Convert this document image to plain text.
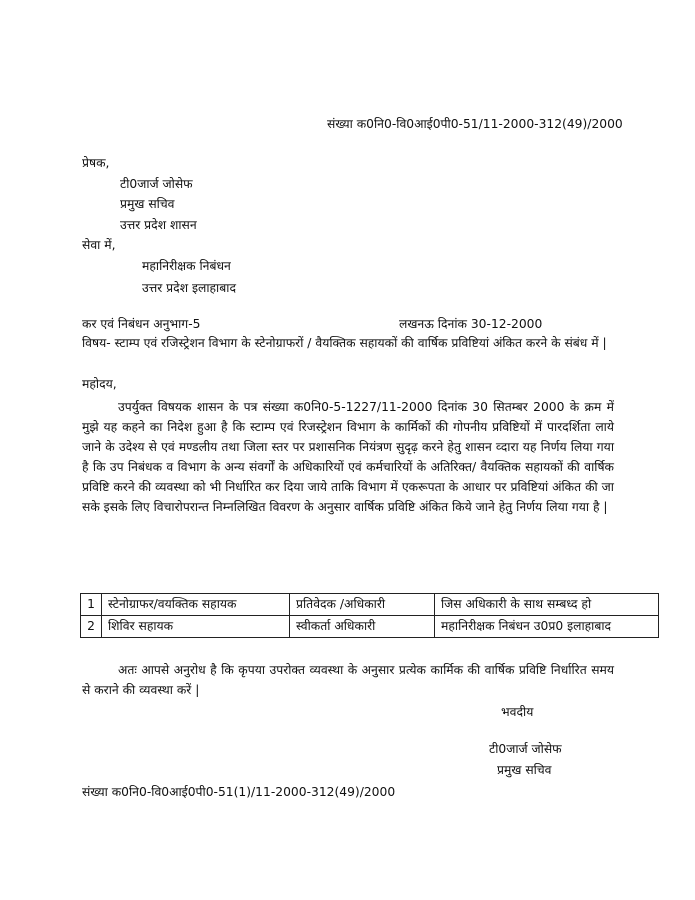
संख्या क0नि0-वि0आई0पी0-51/11-2000-312(49)/2000
प्रेषक,
टी0जार्ज जोसेफ
प्रमुख सचिव
उत्तर प्रदेश शासन
सेवा में,
महानिरीक्षक निबंधन
उत्तर प्रदेश इलाहाबाद
कर एवं निबंधन अनुभाग-5	लखनऊ दिनांक 30-12-2000
विषय- स्टाम्प एवं रजिस्ट्रेशन विभाग के स्टेनोग्राफरों / वैयक्तिक सहायकों की वार्षिक प्रविष्टियां अंकित करने के संबंध में |
महोदय,
उपर्युक्त विषयक शासन के पत्र संख्या क0नि0-5-1227/11-2000 दिनांक 30 सितम्बर 2000 के क्रम में मुझे यह कहने का निदेश हुआ है कि स्टाम्प एवं रिजस्ट्रेशन विभाग के कार्मिकों की गोपनीय प्रविष्टियों में पारदर्शिता लाये जाने के उदेश्य से एवं मण्डलीय तथा जिला स्तर पर प्रशासनिक नियंत्रण सुदृढ़ करने हेतु शासन व्दारा यह निर्णय लिया गया है कि उप निबंधक व विभाग के अन्य संवर्गों के अधिकारियों एवं कर्मचारियों के अतिरिक्त/ वैयक्तिक सहायकों की वार्षिक प्रविष्टि करने की व्यवस्था को भी निर्धारित कर दिया जाये ताकि विभाग में एकरूपता के आधार पर प्रविष्टियां अंकित की जा सके इसके लिए विचारोपरान्त निम्नलिखित विवरण के अनुसार वार्षिक प्रविष्टि अंकित किये जाने हेतु निर्णय लिया गया है |
1	स्टेनोग्राफर/वयक्तिक सहायक	प्रतिवेदक /अधिकारी	जिस अधिकारी के साथ सम्बध्द हो
2	शिविर सहायक	स्वीकर्ता अधिकारी	महानिरीक्षक निबंधन उ0प्र0 इलाहाबाद
अतः आपसे अनुरोध है कि कृपया उपरोक्त व्यवस्था के अनुसार प्रत्येक कार्मिक की वार्षिक प्रविष्टि निर्धारित समय से कराने की व्यवस्था करें |
भवदीय
टी0जार्ज जोसेफ
प्रमुख सचिव
संख्या क0नि0-वि0आई0पी0-51(1)/11-2000-312(49)/2000
